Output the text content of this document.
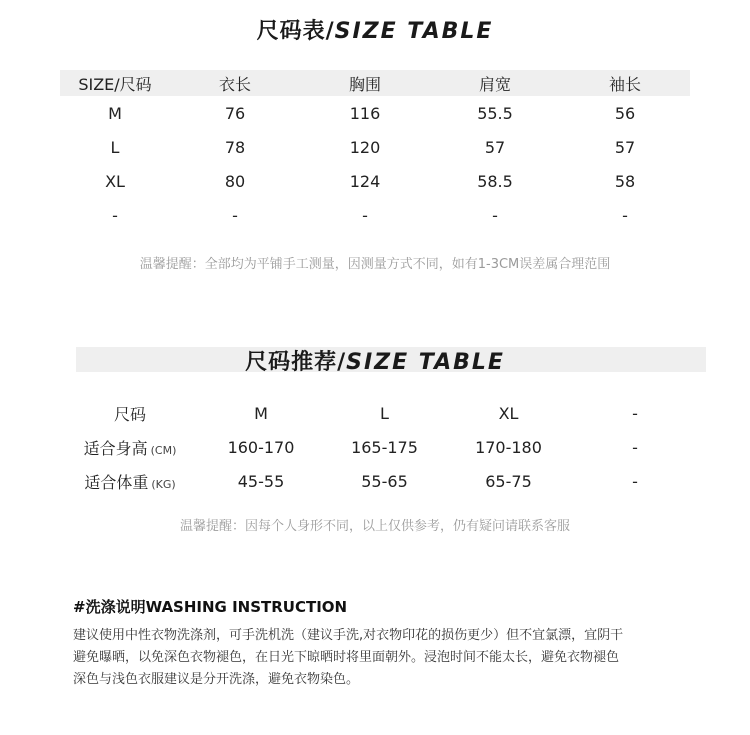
尺码表/SIZE TABLE
SIZE/尺码	衣长	胸围	肩宽	袖长
M	76	116	55.5	56
L	78	120	57	57
XL	80	124	58.5	58
-	-	-	-	-
温馨提醒：全部均为平铺手工测量，因测量方式不同，如有1-3CM误差属合理范围
尺码推荐/SIZE TABLE
尺码	M	L	XL	-
适合身高 (CM)	160-170	165-175	170-180	-
适合体重 (KG)	45-55	55-65	65-75	-
温馨提醒：因每个人身形不同，以上仅供参考，仍有疑问请联系客服
#洗涤说明WASHING INSTRUCTION
建议使用中性衣物洗涤剂，可手洗机洗（建议手洗,对衣物印花的损伤更少）但不宜氯漂，宜阴干
避免曝晒，以免深色衣物褪色，在日光下晾晒时将里面朝外。浸泡时间不能太长，避免衣物褪色
深色与浅色衣服建议是分开洗涤，避免衣物染色。
